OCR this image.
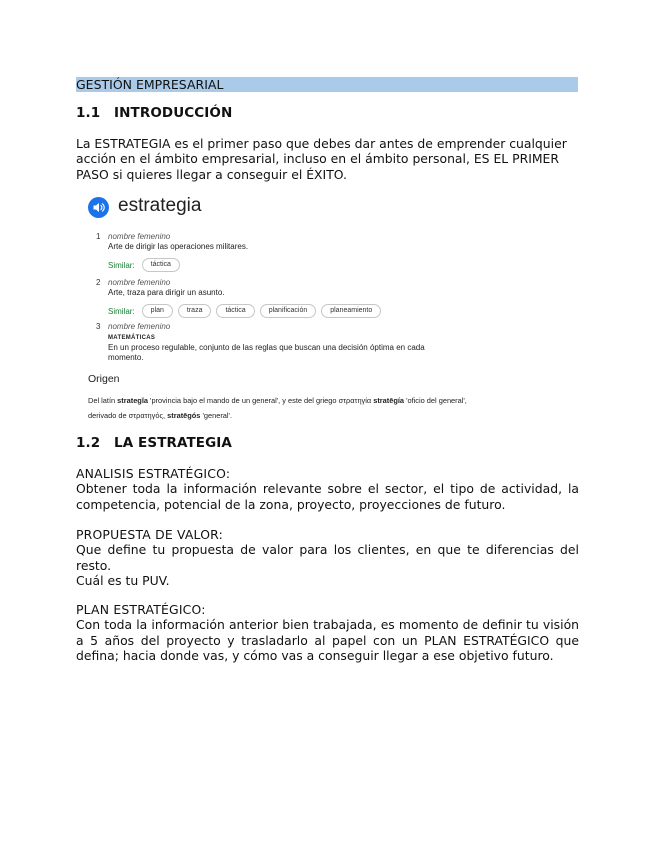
GESTIÓN EMPRESARIAL
1.1 INTRODUCCIÓN
La ESTRATEGIA es el primer paso que debes dar antes de emprender cualquier acción en el ámbito empresarial, incluso en el ámbito personal, ES EL PRIMER PASO si quieres llegar a conseguir el ÉXITO.
estrategia
1 nombre femenino
Arte de dirigir las operaciones militares.
Similar:	táctica
2 nombre femenino
Arte, traza para dirigir un asunto.
Similar:	plan	traza	táctica	planificación	planeamiento
3 nombre femenino
MATEMÁTICAS
En un proceso regulable, conjunto de las reglas que buscan una decisión óptima en cada momento.
Origen
Del latín strategĭa 'provincia bajo el mando de un general', y este del griego στρατηγία stratēgía 'oficio del general', derivado de στρατηγός, stratēgós 'general'.
1.2 LA ESTRATEGIA
ANALISIS ESTRATÉGICO:
Obtener toda la información relevante sobre el sector, el tipo de actividad, la competencia, potencial de la zona, proyecto, proyecciones de futuro.
PROPUESTA DE VALOR:
Que define tu propuesta de valor para los clientes, en que te diferencias del resto.
Cuál es tu PUV.
PLAN ESTRATÉGICO:
Con toda la información anterior bien trabajada, es momento de definir tu visión a 5 años del proyecto y trasladarlo al papel con un PLAN ESTRATÉGICO que defina; hacia donde vas, y cómo vas a conseguir llegar a ese objetivo futuro.
